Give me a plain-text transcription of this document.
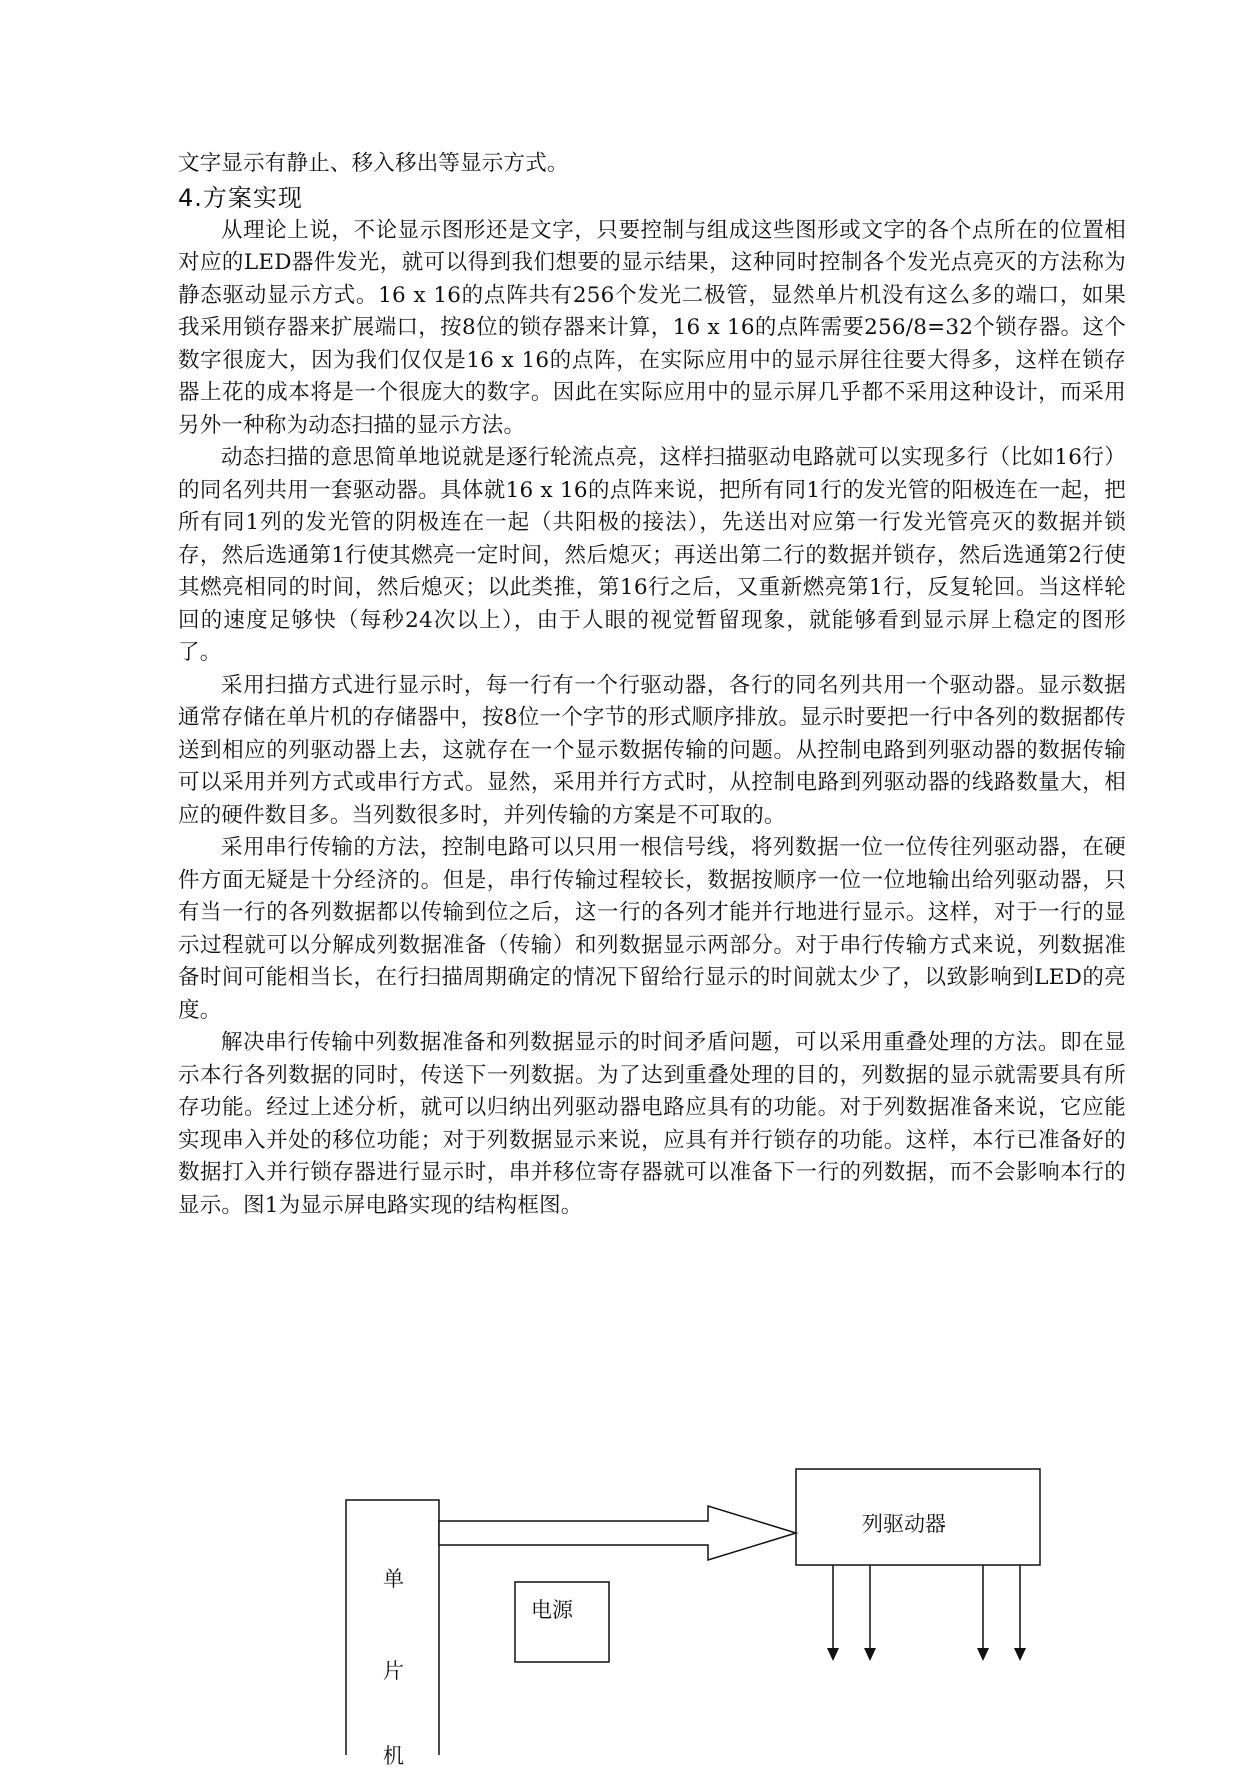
文字显示有静止、移入移出等显示方式。

4.方案实现

从理论上说，不论显示图形还是文字，只要控制与组成这些图形或文字的各个点所在的位置相对应的LED器件发光，就可以得到我们想要的显示结果，这种同时控制各个发光点亮灭的方法称为静态驱动显示方式。16 x 16的点阵共有256个发光二极管，显然单片机没有这么多的端口，如果我采用锁存器来扩展端口，按8位的锁存器来计算，16 x 16的点阵需要256/8=32个锁存器。这个数字很庞大，因为我们仅仅是16 x 16的点阵，在实际应用中的显示屏往往要大得多，这样在锁存器上花的成本将是一个很庞大的数字。因此在实际应用中的显示屏几乎都不采用这种设计，而采用另外一种称为动态扫描的显示方法。

动态扫描的意思简单地说就是逐行轮流点亮，这样扫描驱动电路就可以实现多行（比如16行）的同名列共用一套驱动器。具体就16 x 16的点阵来说，把所有同1行的发光管的阳极连在一起，把所有同1列的发光管的阴极连在一起（共阳极的接法），先送出对应第一行发光管亮灭的数据并锁存，然后选通第1行使其燃亮一定时间，然后熄灭；再送出第二行的数据并锁存，然后选通第2行使其燃亮相同的时间，然后熄灭；以此类推，第16行之后，又重新燃亮第1行，反复轮回。当这样轮回的速度足够快（每秒24次以上），由于人眼的视觉暂留现象，就能够看到显示屏上稳定的图形了。

采用扫描方式进行显示时，每一行有一个行驱动器，各行的同名列共用一个驱动器。显示数据通常存储在单片机的存储器中，按8位一个字节的形式顺序排放。显示时要把一行中各列的数据都传送到相应的列驱动器上去，这就存在一个显示数据传输的问题。从控制电路到列驱动器的数据传输可以采用并列方式或串行方式。显然，采用并行方式时，从控制电路到列驱动器的线路数量大，相应的硬件数目多。当列数很多时，并列传输的方案是不可取的。

采用串行传输的方法，控制电路可以只用一根信号线，将列数据一位一位传往列驱动器，在硬件方面无疑是十分经济的。但是，串行传输过程较长，数据按顺序一位一位地输出给列驱动器，只有当一行的各列数据都以传输到位之后，这一行的各列才能并行地进行显示。这样，对于一行的显示过程就可以分解成列数据准备（传输）和列数据显示两部分。对于串行传输方式来说，列数据准备时间可能相当长，在行扫描周期确定的情况下留给行显示的时间就太少了，以致影响到LED的亮度。

解决串行传输中列数据准备和列数据显示的时间矛盾问题，可以采用重叠处理的方法。即在显示本行各列数据的同时，传送下一列数据。为了达到重叠处理的目的，列数据的显示就需要具有所存功能。经过上述分析，就可以归纳出列驱动器电路应具有的功能。对于列数据准备来说，它应能实现串入并处的移位功能；对于列数据显示来说，应具有并行锁存的功能。这样，本行已准备好的数据打入并行锁存器进行显示时，串并移位寄存器就可以准备下一行的列数据，而不会影响本行的显示。图1为显示屏电路实现的结构框图。

单
片
机
电源
列驱动器
